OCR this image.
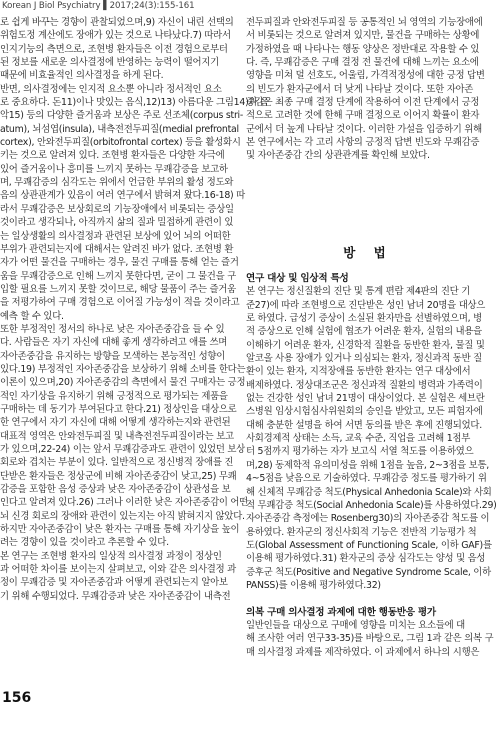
Korean J Biol Psychiatry ▌2017;24(3):155-161
로 쉽게 바꾸는 경향이 관찰되었으며,9) 자신이 내린 선택의
위험도정 계산에도 장애가 있는 것으로 나타났다.7) 따라서
인지기능의 측면으로, 조현병 환자들은 이전 경험으로부터
된 정보를 새로운 의사결정에 반영하는 능력이 떨어지기
때문에 비효율적인 의사결정을 하게 된다.
반면, 의사결정에는 인지적 요소뿐 아니라 정서적인 요소
로 중요하다. 돈11)이나 맛있는 음식,12)13) 아름다운 그림14)과 음
악15) 등의 다양한 즐거움과 보상은 주로 선조체(corpus stri-
atum), 뇌섬엽(insula), 내측전전두피질(medial prefrontal
cortex), 안와전두피질(orbitofrontal cortex) 등을 활성화시
키는 것으로 알려져 있다. 조현병 환자들은 다양한 자극에
있어 즐거움이나 흥미를 느끼지 못하는 무쾌감증을 보고하
며, 무쾌감증의 심각도는 위에서 언급한 부위의 활성 정도와
음의 상관관계가 있음이 여러 연구에서 밝혀져 왔다.16-18) 따
라서 무쾌감증은 보상회로의 기능장애에서 비롯되는 증상일
것이라고 생각되나, 아직까지 삶의 질과 밀접하게 관련이 있
는 일상생활의 의사결정과 관련된 보상에 있어 뇌의 어떠한
부위가 관련되는지에 대해서는 알려진 바가 없다. 조현병 환
자가 어떤 물건을 구매하는 경우, 물건 구매를 통해 얻는 즐거
움을 무쾌감증으로 인해 느끼지 못한다면, 굳이 그 물건을 구
입할 필요를 느끼지 못할 것이므로, 해당 물품이 주는 즐거움
을 저평가하여 구매 경험으로 이어질 가능성이 적을 것이라고
예측 할 수 있다.
또한 부정적인 정서의 하나로 낮은 자아존중감을 들 수 있
다. 사람들은 자기 자신에 대해 좋게 생각하려고 애를 쓰며
자아존중감을 유지하는 방향을 모색하는 본능적인 성향이
있다.19) 부정적인 자아존중감을 보상하기 위해 소비를 한다는
이론이 있으며,20) 자아존중감의 측면에서 물건 구매자는 긍정
적인 자기상을 유지하기 위해 긍정적으로 평가되는 제품을
구매하는 데 동기가 부여된다고 한다.21) 정상인을 대상으로
한 연구에서 자기 자신에 대해 어떻게 생각하는지와 관련된
대표적 영역은 안와전두피질 및 내측전전두피질이라는 보고
가 있으며,22-24) 이는 앞서 무쾌감증과도 관련이 있었던 보상
회로와 겹치는 부분이 있다. 일반적으로 정신병적 장애를 진
단받은 환자들은 정상군에 비해 자아존중감이 낮고,25) 무쾌
감증을 포함한 음성 증상과 낮은 자아존중감이 상관성을 보
인다고 알려져 있다.26) 그러나 이러한 낮은 자아존중감이 어떤
뇌 신경 회로의 장애와 관련이 있는지는 아직 밝혀지지 않았다.
하지만 자아존중감이 낮은 환자는 구매를 통해 자기상을 높이
려는 경향이 있을 것이라고 추론할 수 있다.
본 연구는 조현병 환자의 일상적 의사결정 과정이 정상인
과 어떠한 차이를 보이는지 살펴보고, 이와 같은 의사결정 과
정이 무쾌감증 및 자아존중감과 어떻게 관련되는지 알아보
기 위해 수행되었다. 무쾌감증과 낮은 자아존중감이 내측전
전두피질과 안와전두피질 등 공통적인 뇌 영역의 기능장애에
서 비롯되는 것으로 알려져 있지만, 물건을 구매하는 상황에
가정하였을 때 나타나는 행동 양상은 정반대로 작용할 수 있
다. 즉, 무쾌감증은 구매 결정 전 물건에 대해 느끼는 요소에
영향을 미쳐 덜 선호도, 어울림, 가격적정성에 대한 긍정 답변
의 빈도가 환자군에서 더 낮게 나타날 것이다. 또한 자아존
중감은 최종 구매 결정 단계에 작용하여 이전 단계에서 긍정
적으로 고려한 것에 한해 구매 결정으로 이어지 확률이 환자
군에서 더 높게 나타날 것이다. 이러한 가설을 입증하기 위해
본 연구에서는 각 고리 사항의 긍정적 답변 빈도와 무쾌감증
및 자아존중감 간의 상관관계를 확인해 보았다.
방 법
연구 대상 및 임상적 특성
본 연구는 정신질환의 진단 및 통계 편람 제4판의 진단 기
준27)에 따라 조현병으로 진단받은 성인 남녀 20명을 대상으
로 하였다. 급성기 증상이 소실된 환자만을 선별하였으며, 병
적 증상으로 인해 실험에 협조가 어려운 환자, 실험의 내용을
이해하기 어려운 환자, 신경학적 질환을 동반한 환자, 물질 및
알코올 사용 장애가 있거나 의심되는 환자, 정신과적 동반 질
환이 있는 환자, 지적장애를 동반한 환자는 연구 대상에서
배제하였다. 정상대조군은 정신과적 질환의 병력과 가족력이
없는 건강한 성인 남녀 21명이 대상이었다. 본 실험은 세브란
스병원 임상시험심사위원회의 승인을 받았고, 모든 피험자에
대해 충분한 설명을 하여 서면 동의를 받은 후에 진행되었다.
사회경제적 상태는 소득, 교육 수준, 직업을 고려해 1점부
터 5점까지 평가하는 자가 보고식 서열 척도를 이용하였으
며,28) 동제학적 유의미성을 위해 1점을 높음, 2~3점을 보통,
4~5점을 낮음으로 기술하였다. 무쾌감증 정도를 평가하기 위
해 신체적 무쾌감증 척도(Physical Anhedonia Scale)와 사회
적 무쾌감증 척도(Social Anhedonia Scale)를 사용하였다.29)
자아존중감 측정에는 Rosenberg30)의 자아존중감 척도를 이
용하였다. 환자군의 정신사회적 기능은 전반적 기능평가 척
도(Global Assessment of Functioning Scale, 이하 GAF)를
이용해 평가하였다.31) 환자군의 증상 심각도는 양성 및 음성
증후군 척도(Positive and Negative Syndrome Scale, 이하
PANSS)를 이용해 평가하였다.32)
의복 구매 의사결정 과제에 대한 행동반응 평가
일반인들을 대상으로 구매에 영향을 미치는 요소들에 대
해 조사한 여러 연구33-35)를 바탕으로, 그림 1과 같은 의복 구
매 의사결정 과제를 제작하였다. 이 과제에서 하나의 시행은
156
